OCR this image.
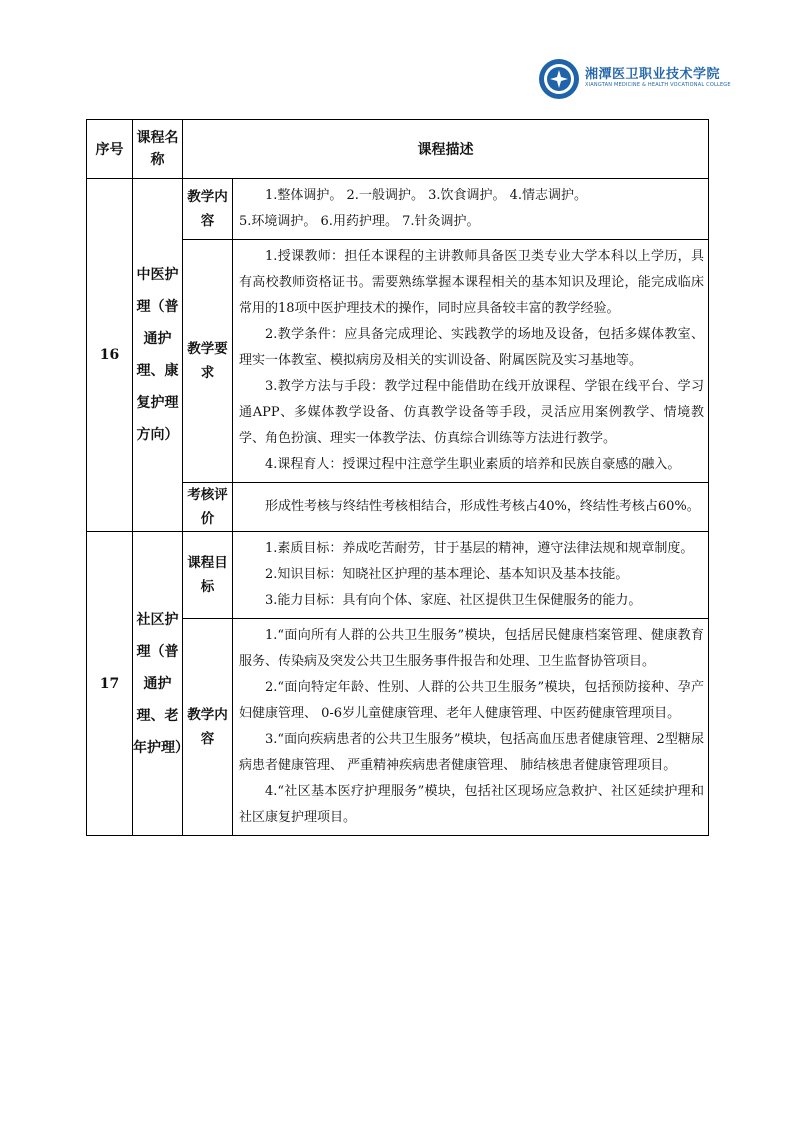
湘潭医卫职业技术学院
XIANGTAN MEDICINE & HEALTH VOCATIONAL COLLEGE
序号	课程名称	课程描述	
16	中医护理（普通护理、康复护理方向）	教学内容	1.整体调护。 2.一般调护。 3.饮食调护。 4.情志调护。

5.环境调护。 6.用药护理。 7.针灸调护。

		教学要求	1.授课教师：担任本课程的主讲教师具备医卫类专业大学本科以上学历，具有高校教师资格证书。需要熟练掌握本课程相关的基本知识及理论，能完成临床常用的18项中医护理技术的操作，同时应具备较丰富的教学经验。

2.教学条件：应具备完成理论、实践教学的场地及设备，包括多媒体教室、理实一体教室、模拟病房及相关的实训设备、附属医院及实习基地等。

3.教学方法与手段：教学过程中能借助在线开放课程、学银在线平台、学习通APP、多媒体教学设备、仿真教学设备等手段，灵活应用案例教学、情境教学、角色扮演、理实一体教学法、仿真综合训练等方法进行教学。

4.课程育人：授课过程中注意学生职业素质的培养和民族自豪感的融入。

		考核评价	形成性考核与终结性考核相结合，形成性考核占40%，终结性考核占60%。

17	社区护理（普通护理、老年护理）	课程目标	1.素质目标：养成吃苦耐劳，甘于基层的精神，遵守法律法规和规章制度。

2.知识目标：知晓社区护理的基本理论、基本知识及基本技能。

3.能力目标：具有向个体、家庭、社区提供卫生保健服务的能力。

		教学内容	1.“面向所有人群的公共卫生服务”模块，包括居民健康档案管理、健康教育服务、传染病及突发公共卫生服务事件报告和处理、卫生监督协管项目。

2.“面向特定年龄、性别、人群的公共卫生服务”模块，包括预防接种、孕产妇健康管理、 0-6岁儿童健康管理、老年人健康管理、中医药健康管理项目。

3.“面向疾病患者的公共卫生服务”模块，包括高血压患者健康管理、2型糖尿病患者健康管理、 严重精神疾病患者健康管理、 肺结核患者健康管理项目。

4.“社区基本医疗护理服务”模块，包括社区现场应急救护、社区延续护理和社区康复护理项目。
